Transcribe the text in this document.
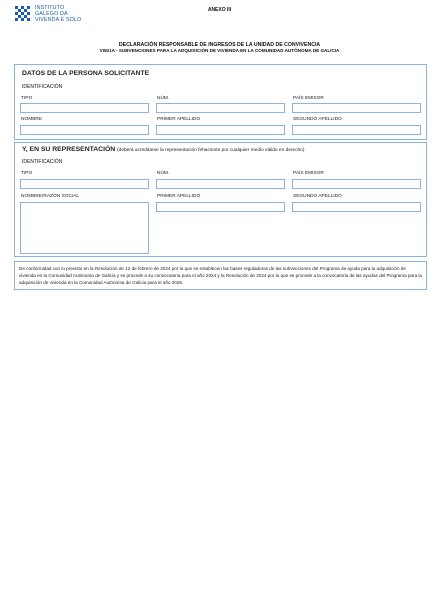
INSTITUTO
GALEGO DA
VIVENDA E SOLO
ANEXO III
DECLARACIÓN RESPONSABLE DE INGRESOS DE LA UNIDAD DE CONVIVENCIA
VI501A - SUBVENCIONES PARA LA ADQUISICIÓN DE VIVIENDA EN LA COMUNIDAD AUTÓNOMA DE GALICIA
DATOS DE LA PERSONA SOLICITANTE
IDENTIFICACIÓN
TIPO	NÚM.	PAÍS EMISOR
NOMBRE	PRIMER APELLIDO	SEGUNDO APELLIDO
Y, EN SU REPRESENTACIÓN (deberá acreditarse la representación fehaciente por cualquier medio válido en derecho)
IDENTIFICACIÓN
TIPO	NÚM.	PAÍS EMISOR
NOMBRE/RAZÓN SOCIAL	PRIMER APELLIDO	SEGUNDO APELLIDO
De conformidad con lo previsto en la Resolución de 12 de febrero de 2024 por la que se establecen las bases reguladoras de las subvenciones del Programa de ayuda para la adquisición de vivienda en la Comunidad Autónoma de Galicia y se procede a su convocatoria para el año 2024 y la Resolución de 2024 por la que se procede a la convocatoria de las ayudas del Programa para la adquisición de vivienda en la Comunidad Autónoma de Galicia para el año 2025.
